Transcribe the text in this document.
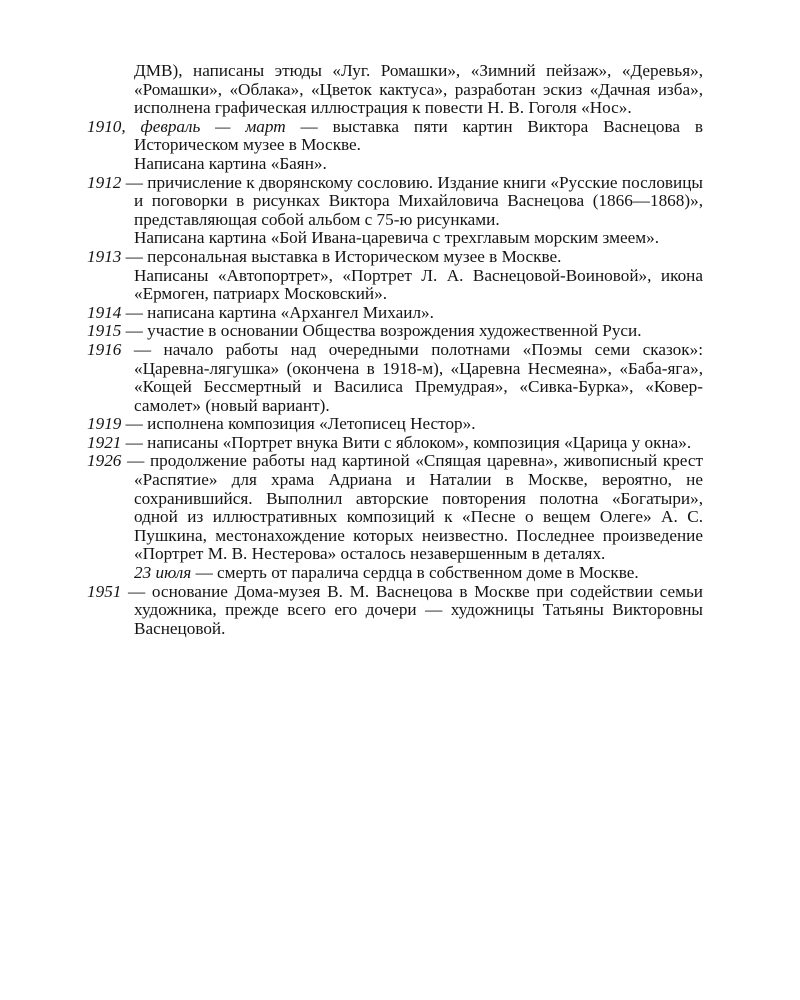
ДМВ), написаны этюды «Луг. Ромашки», «Зимний пейзаж», «Деревья», «Ромашки», «Облака», «Цветок кактуса», разработан эскиз «Дачная изба», исполнена графическая иллюстрация к повести Н. В. Гоголя «Нос».

1910, февраль — март — выставка пяти картин Виктора Васнецова в Историческом музее в Москве.

Написана картина «Баян».

1912 — причисление к дворянскому сословию. Издание книги «Русские пословицы и поговорки в рисунках Виктора Михайловича Васнецова (1866—1868)», представляющая собой альбом с 75-ю рисунками.

Написана картина «Бой Ивана-царевича с трехглавым морским змеем».

1913 — персональная выставка в Историческом музее в Москве.

Написаны «Автопортрет», «Портрет Л. А. Васнецовой-Воиновой», икона «Ермоген, патриарх Московский».

1914 — написана картина «Архангел Михаил».

1915 — участие в основании Общества возрождения художественной Руси.

1916 — начало работы над очередными полотнами «Поэмы семи сказок»: «Царевна-лягушка» (окончена в 1918-м), «Царевна Несмеяна», «Баба-яга», «Кощей Бессмертный и Василиса Премудрая», «Сивка-Бурка», «Ковер-самолет» (новый вариант).

1919 — исполнена композиция «Летописец Нестор».

1921 — написаны «Портрет внука Вити с яблоком», композиция «Царица у окна».

1926 — продолжение работы над картиной «Спящая царевна», живописный крест «Распятие» для храма Адриана и Наталии в Москве, вероятно, не сохранившийся. Выполнил авторские повторения полотна «Богатыри», одной из иллюстративных композиций к «Песне о вещем Олеге» А. С. Пушкина, местонахождение которых неизвестно. Последнее произведение «Портрет М. В. Нестерова» осталось незавершенным в деталях.

23 июля — смерть от паралича сердца в собственном доме в Москве.

1951 — основание Дома-музея В. М. Васнецова в Москве при содействии семьи художника, прежде всего его дочери — художницы Татьяны Викторовны Васнецовой.
